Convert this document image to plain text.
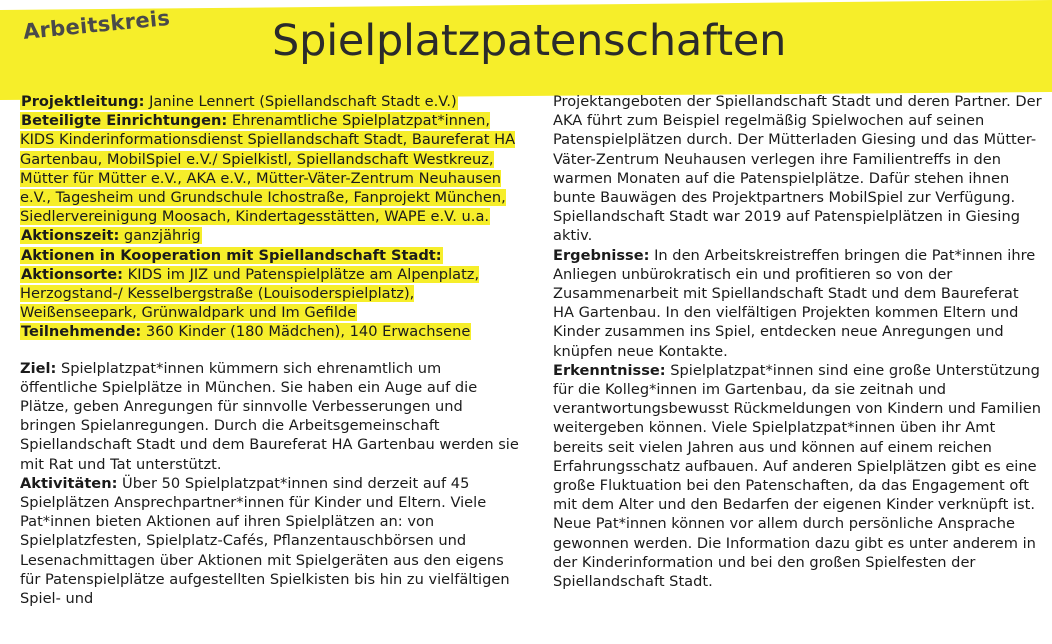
Arbeitskreis Spielplatzpatenschaften

Projektleitung: Janine Lennert (Spiellandschaft Stadt e.V.)

Beteiligte Einrichtungen: Ehrenamtliche Spielplatzpat*innen, KIDS Kinderinformationsdienst Spiellandschaft Stadt, Baureferat HA Gartenbau, MobilSpiel e.V./ Spielkistl, Spiellandschaft Westkreuz, Mütter für Mütter e.V., AKA e.V., Mütter-Väter-Zentrum Neuhausen e.V., Tagesheim und Grundschule Ichostraße, Fanprojekt München, Siedlervereinigung Moosach, Kindertagesstätten, WAPE e.V. u.a.

Aktionszeit: ganzjährig

Aktionen in Kooperation mit Spiellandschaft Stadt:

Aktionsorte: KIDS im JIZ und Patenspielplätze am Alpenplatz, Herzogstand-/ Kesselbergstraße (Louisoderspielplatz), Weißenseepark, Grünwaldpark und Im Gefilde

Teilnehmende: 360 Kinder (180 Mädchen), 140 Erwachsene

Ziel: Spielplatzpat*innen kümmern sich ehrenamtlich um öffentliche Spielplätze in München. Sie haben ein Auge auf die Plätze, geben Anregungen für sinnvolle Verbesserungen und bringen Spielanregungen. Durch die Arbeitsgemeinschaft Spiellandschaft Stadt und dem Baureferat HA Gartenbau werden sie mit Rat und Tat unterstützt.

Aktivitäten: Über 50 Spielplatzpat*innen sind derzeit auf 45 Spielplätzen Ansprechpartner*innen für Kinder und Eltern. Viele Pat*innen bieten Aktionen auf ihren Spielplätzen an: von Spielplatzfesten, Spielplatz-Cafés, Pflanzentauschbörsen und Lesenachmittagen über Aktionen mit Spielgeräten aus den eigens für Patenspielplätze aufgestellten Spielkisten bis hin zu vielfältigen Spiel- und

Projektangeboten der Spiellandschaft Stadt und deren Partner. Der AKA führt zum Beispiel regelmäßig Spielwochen auf seinen Patenspielplätzen durch. Der Mütterladen Giesing und das Mütter-Väter-Zentrum Neuhausen verlegen ihre Familientreffs in den warmen Monaten auf die Patenspielplätze. Dafür stehen ihnen bunte Bauwägen des Projektpartners MobilSpiel zur Verfügung. Spiellandschaft Stadt war 2019 auf Patenspielplätzen in Giesing aktiv.

Ergebnisse: In den Arbeitskreistreffen bringen die Pat*innen ihre Anliegen unbürokratisch ein und profitieren so von der Zusammenarbeit mit Spiellandschaft Stadt und dem Baureferat HA Gartenbau. In den vielfältigen Projekten kommen Eltern und Kinder zusammen ins Spiel, entdecken neue Anregungen und knüpfen neue Kontakte.

Erkenntnisse: Spielplatzpat*innen sind eine große Unterstützung für die Kolleg*innen im Gartenbau, da sie zeitnah und verantwortungsbewusst Rückmeldungen von Kindern und Familien weitergeben können. Viele Spielplatzpat*innen üben ihr Amt bereits seit vielen Jahren aus und können auf einem reichen Erfahrungsschatz aufbauen. Auf anderen Spielplätzen gibt es eine große Fluktuation bei den Patenschaften, da das Engagement oft mit dem Alter und den Bedarfen der eigenen Kinder verknüpft ist. Neue Pat*innen können vor allem durch persönliche Ansprache gewonnen werden. Die Information dazu gibt es unter anderem in der Kinderinformation und bei den großen Spielfesten der Spiellandschaft Stadt.
